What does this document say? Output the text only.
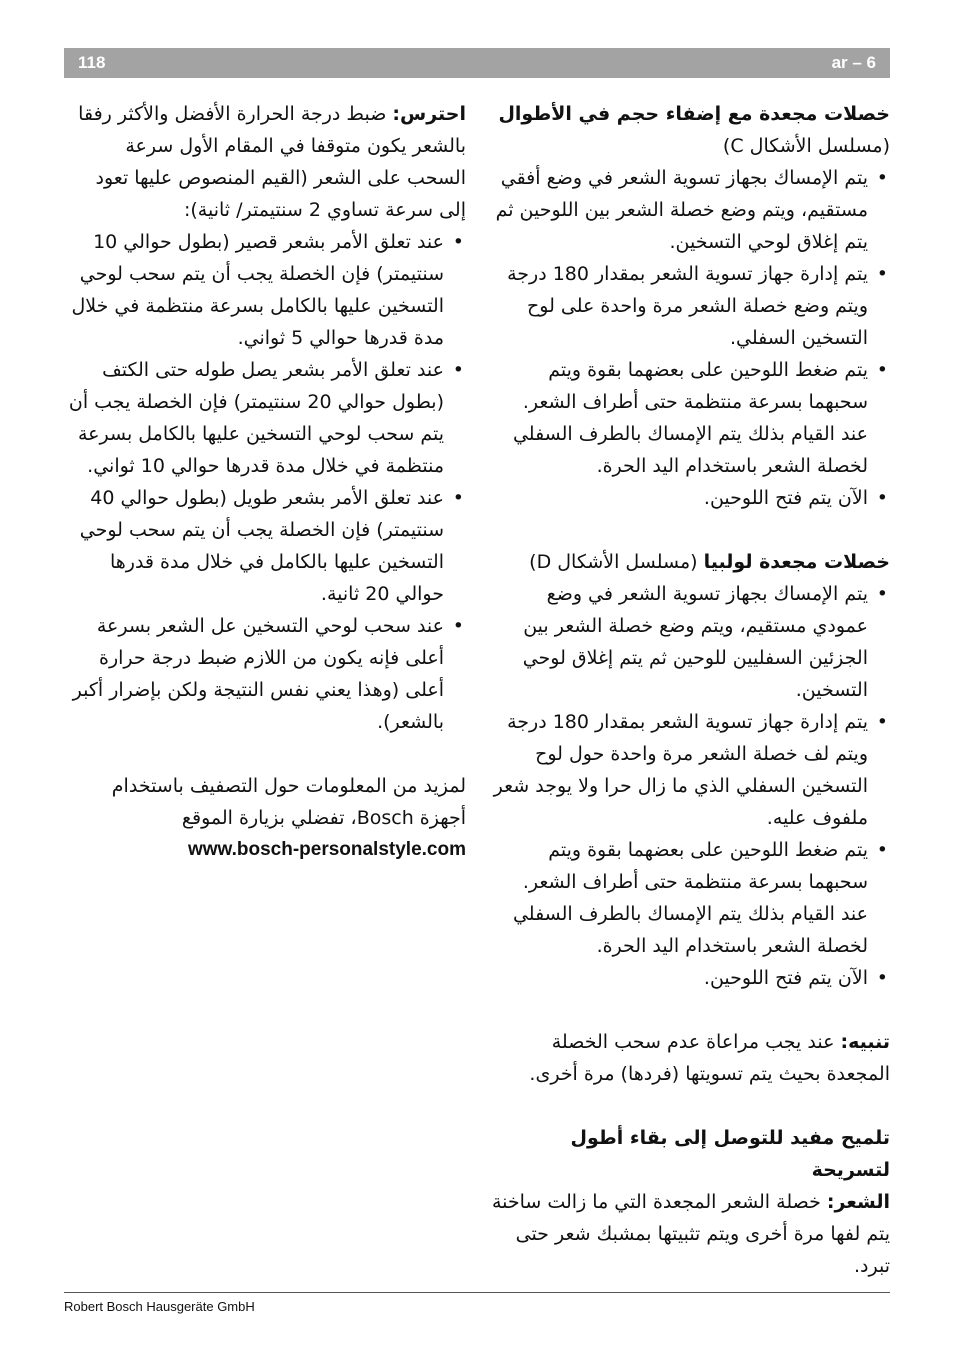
118	ar – 6
خصلات مجعدة مع إضفاء حجم في الأطوال
(مسلسل الأشكال C)
• يتم الإمساك بجهاز تسوية الشعر في وضع أفقي مستقيم، ويتم وضع خصلة الشعر بين اللوحين ثم يتم إغلاق لوحي التسخين.
• يتم إدارة جهاز تسوية الشعر بمقدار 180 درجة ويتم وضع خصلة الشعر مرة واحدة على لوح التسخين السفلي.
• يتم ضغط اللوحين على بعضهما بقوة ويتم سحبهما بسرعة منتظمة حتى أطراف الشعر. عند القيام بذلك يتم الإمساك بالطرف السفلي لخصلة الشعر باستخدام اليد الحرة.
• الآن يتم فتح اللوحين.
خصلات مجعدة لولبيا (مسلسل الأشكال D)
• يتم الإمساك بجهاز تسوية الشعر في وضع عمودي مستقيم، ويتم وضع خصلة الشعر بين الجزئين السفليين للوحين ثم يتم إغلاق لوحي التسخين.
• يتم إدارة جهاز تسوية الشعر بمقدار 180 درجة ويتم لف خصلة الشعر مرة واحدة حول لوح التسخين السفلي الذي ما زال حرا ولا يوجد شعر ملفوف عليه.
• يتم ضغط اللوحين على بعضهما بقوة ويتم سحبهما بسرعة منتظمة حتى أطراف الشعر. عند القيام بذلك يتم الإمساك بالطرف السفلي لخصلة الشعر باستخدام اليد الحرة.
• الآن يتم فتح اللوحين.
تنبيه: عند يجب مراعاة عدم سحب الخصلة المجعدة بحيث يتم تسويتها (فردها) مرة أخرى.
تلميح مفيد للتوصل إلى بقاء أطول لتسريحة
الشعر: خصلة الشعر المجعدة التي ما زالت ساخنة يتم لفها مرة أخرى ويتم تثبيتها بمشبك شعر حتى تبرد.
احترس: ضبط درجة الحرارة الأفضل والأكثر رفقا بالشعر يكون متوقفا في المقام الأول سرعة السحب على الشعر (القيم المنصوص عليها تعود إلى سرعة تساوي 2 سنتيمتر/ ثانية):
• عند تعلق الأمر بشعر قصير (بطول حوالي 10 سنتيمتر) فإن الخصلة يجب أن يتم سحب لوحي التسخين عليها بالكامل بسرعة منتظمة في خلال مدة قدرها حوالي 5 ثواني.
• عند تعلق الأمر بشعر يصل طوله حتى الكتف (بطول حوالي 20 سنتيمتر) فإن الخصلة يجب أن يتم سحب لوحي التسخين عليها بالكامل بسرعة منتظمة في خلال مدة قدرها حوالي 10 ثواني.
• عند تعلق الأمر بشعر طويل (بطول حوالي 40 سنتيمتر) فإن الخصلة يجب أن يتم سحب لوحي التسخين عليها بالكامل في خلال مدة قدرها حوالي 20 ثانية.
• عند سحب لوحي التسخين عل الشعر بسرعة أعلى فإنه يكون من اللازم ضبط درجة حرارة أعلى (وهذا يعني نفس النتيجة ولكن بإضرار أكبر بالشعر).
لمزيد من المعلومات حول التصفيف باستخدام أجهزة Bosch، تفضلي بزيارة الموقع
www.bosch-personalstyle.com
Robert Bosch Hausgeräte GmbH
